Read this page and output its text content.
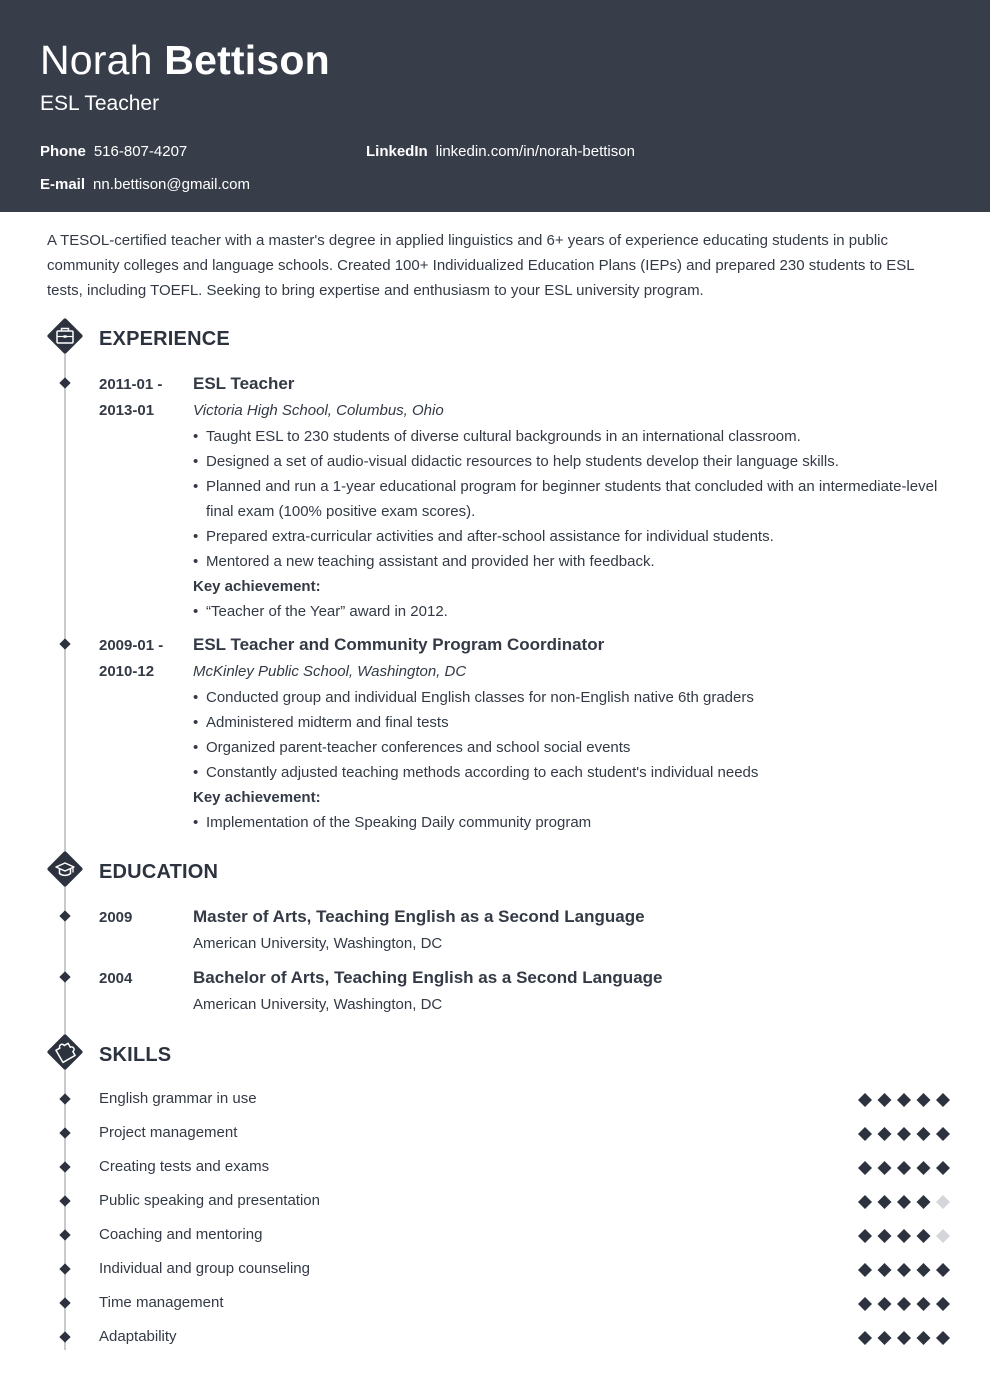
Norah Bettison
ESL Teacher
Phone 516-807-4207	LinkedIn linkedin.com/in/norah-bettison
E-mail nn.bettison@gmail.com

A TESOL-certified teacher with a master's degree in applied linguistics and 6+ years of experience educating students in public community colleges and language schools. Created 100+ Individualized Education Plans (IEPs) and prepared 230 students to ESL tests, including TOEFL. Seeking to bring expertise and enthusiasm to your ESL university program.

EXPERIENCE
2011-01 -
2013-01
ESL Teacher
Victoria High School, Columbus, Ohio
• Taught ESL to 230 students of diverse cultural backgrounds in an international classroom.
• Designed a set of audio-visual didactic resources to help students develop their language skills.
• Planned and run a 1-year educational program for beginner students that concluded with an intermediate-level final exam (100% positive exam scores).
• Prepared extra-curricular activities and after-school assistance for individual students.
• Mentored a new teaching assistant and provided her with feedback.
Key achievement:
• “Teacher of the Year” award in 2012.
2009-01 -
2010-12
ESL Teacher and Community Program Coordinator
McKinley Public School, Washington, DC
• Conducted group and individual English classes for non-English native 6th graders
• Administered midterm and final tests
• Organized parent-teacher conferences and school social events
• Constantly adjusted teaching methods according to each student's individual needs
Key achievement:
• Implementation of the Speaking Daily community program
EDUCATION
2009	Master of Arts, Teaching English as a Second Language
American University, Washington, DC
2004	Bachelor of Arts, Teaching English as a Second Language
American University, Washington, DC
SKILLS
English grammar in use
Project management
Creating tests and exams
Public speaking and presentation
Coaching and mentoring
Individual and group counseling
Time management
Adaptability
